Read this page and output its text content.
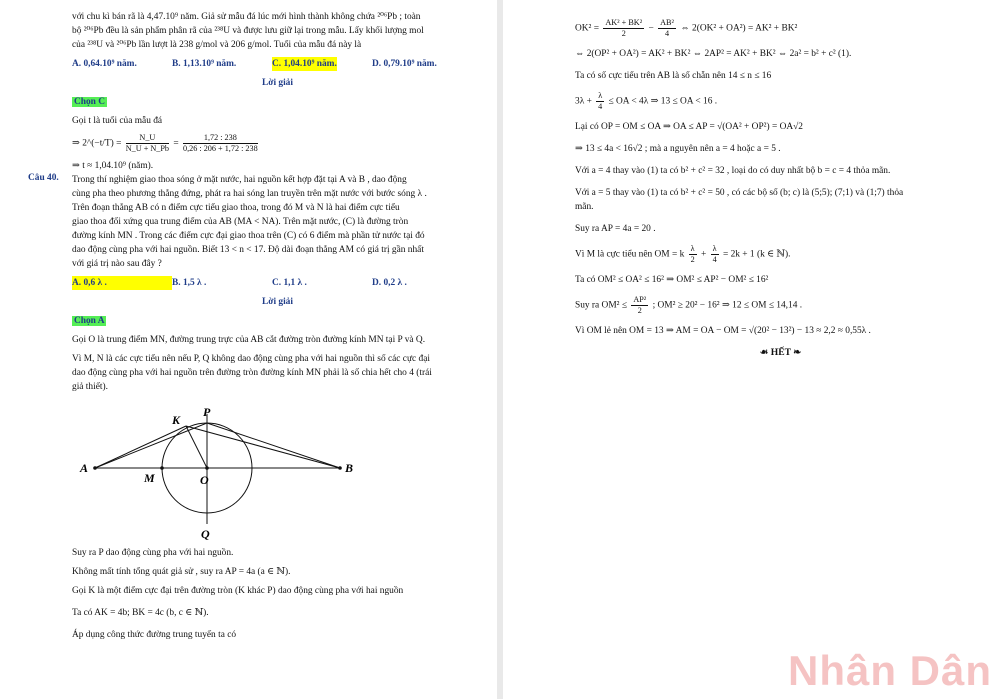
với chu kì bán rã là 4,47.10⁹ năm. Giả sử mẫu đá lúc mới hình thành không chứa ²⁰⁶Pb ; toàn
bộ ²⁰⁶Pb đều là sản phẩm phân rã của ²³⁸U và được lưu giữ lại trong mẫu. Lấy khối lượng mol
của ²³⁸U và ²⁰⁶Pb lần lượt là 238 g/mol và 206 g/mol. Tuổi của mẫu đá này là
A. 0,64.10⁹ năm.	B. 1,13.10⁹ năm.	C. 1,04.10⁹ năm.	D. 0,79.10⁹ năm.
Lời giải
Chọn C
Gọi t là tuổi của mẫu đá
⇒ 2^(−t/T) = $\frac{N\_U}{N\_U + N\_Pb} = \frac{1,72 : 238}{0,26 : 206 + 1,72 : 238}$
⇒ t ≈ 1,04.10⁹ (năm).
Câu 40. Trong thí nghiệm giao thoa sóng ở mặt nước, hai nguồn kết hợp đặt tại A và B , dao động
cùng pha theo phương thẳng đứng, phát ra hai sóng lan truyền trên mặt nước với bước sóng λ .
Trên đoạn thẳng AB có n điểm cực tiểu giao thoa, trong đó M và N là hai điểm cực tiểu
giao thoa đối xứng qua trung điểm của AB (MA < NA). Trên mặt nước, (C) là đường tròn
đường kính MN . Trong các điểm cực đại giao thoa trên (C) có 6 điểm mà phần tử nước tại đó
dao động cùng pha với hai nguồn. Biết 13 < n < 17. Độ dài đoạn thẳng AM có giá trị gần nhất
với giá trị nào sau đây ?
A. 0,6 λ .	B. 1,5 λ .	C. 1,1 λ .	D. 0,2 λ .
Lời giải
Chọn A
Gọi O là trung điểm MN, đường trung trực của AB cắt đường tròn đường kính MN tại P và Q.
Vì M, N là các cực tiểu nên nếu P, Q không dao động cùng pha với hai nguồn thì số các cực đại
dao động cùng pha với hai nguồn trên đường tròn đường kính MN phải là số chia hết cho 4 (trái
giả thiết).
A
M	O
B
K
P
Q
Suy ra P dao động cùng pha với hai nguồn.
Không mất tính tổng quát giả sử , suy ra AP = 4a (a ∈ ℕ).
Gọi K là một điểm cực đại trên đường tròn (K khác P) dao động cùng pha với hai nguồn
Ta có AK = 4b; BK = 4c (b, c ∈ ℕ).
Áp dụng công thức đường trung tuyến ta có
$OK^2 = \frac{\text{AK² + BK²}}{2} - \frac{\text{AB²}}{4}$ ⇔ 2(OK² + OA²) = AK² + BK²
⇔ 2(OP² + OA²) = AK² + BK² ⇔ 2AP² = AK² + BK² ⇔ 2a² = b² + c² (1).
Ta có số cực tiểu trên AB là số chẵn nên 14 ≤ n ≤ 16
$3\lambda + \frac{\lambda}{4}$ ≤ OA < 4λ ⇒ 13 ≤ OA < 16 .
Lại có OP = OM ≤ OA ⇒ OA ≤ AP = √(OA² + OP²) = OA√2
⇒ 13 ≤ 4a < 16√2 ; mà a nguyên nên a = 4 hoặc a = 5 .
Với a = 4 thay vào (1) ta có b² + c² = 32 , loại do có duy nhất bộ b = c = 4 thỏa mãn.
Với a = 5 thay vào (1) ta có b² + c² = 50 , có các bộ số (b; c) là (5;5); (7;1) và (1;7) thỏa
mãn.
Suy ra AP = 4a = 20 .
Vì M là cực tiểu nên OM = k $\frac{\lambda}{2} + \frac{\lambda}{4} = 2k + 1$ (k ∈ ℕ).
Ta có OM² ≤ OA² ≤ 16² ⇒ OM² ≤ AP² − OM² ≤ 16²
Suy ra $OM^2 \le \frac{\text{AP²}}{2}$ ; OM² ≥ 20² − 16² ⇒ 12 ≤ OM ≤ 14,14 .
Vì OM lẻ nên OM = 13 ⇒ AM = OA − OM = √(20² − 13²) − 13 ≈ 2,2 ≈ 0,55λ .
☙ HẾT ❧
Nhân Dân
